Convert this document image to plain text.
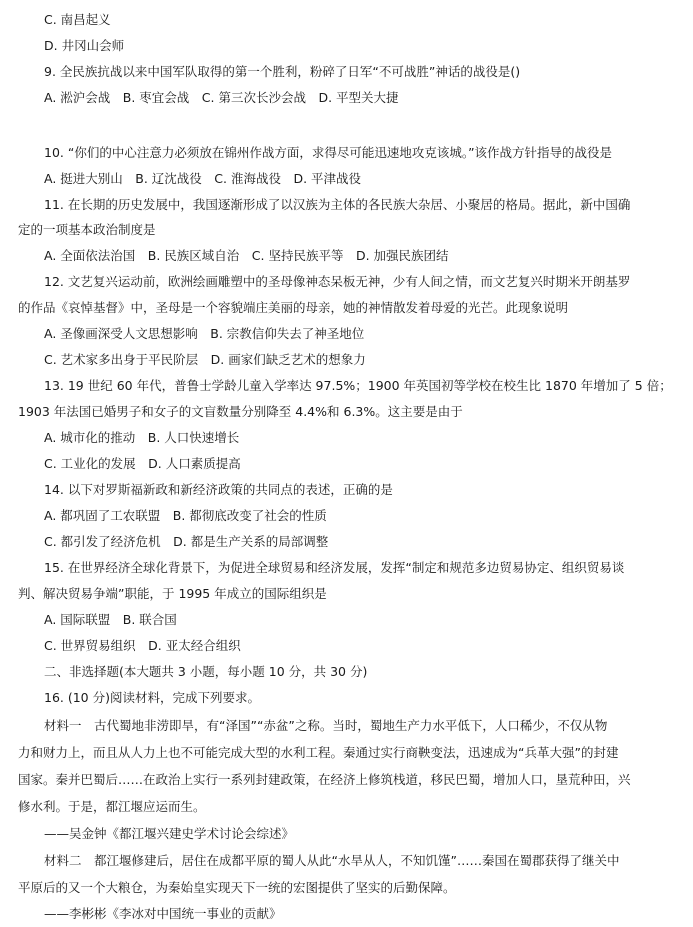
C. 南昌起义
D. 井冈山会师
9. 全民族抗战以来中国军队取得的第一个胜利，粉碎了日军“不可战胜”神话的战役是()
A. 淞沪会战　B. 枣宜会战　C. 第三次长沙会战　D. 平型关大捷
10. “你们的中心注意力必须放在锦州作战方面，求得尽可能迅速地攻克该城。”该作战方针指导的战役是
A. 挺进大别山　B. 辽沈战役　C. 淮海战役　D. 平津战役
11. 在长期的历史发展中，我国逐渐形成了以汉族为主体的各民族大杂居、小聚居的格局。据此，新中国确
定的一项基本政治制度是
A. 全面依法治国　B. 民族区域自治　C. 坚持民族平等　D. 加强民族团结
12. 文艺复兴运动前，欧洲绘画雕塑中的圣母像神态呆板无神，少有人间之情，而文艺复兴时期米开朗基罗
的作品《哀悼基督》中，圣母是一个容貌端庄美丽的母亲，她的神情散发着母爱的光芒。此现象说明
A. 圣像画深受人文思想影响　B. 宗教信仰失去了神圣地位
C. 艺术家多出身于平民阶层　D. 画家们缺乏艺术的想象力
13. 19 世纪 60 年代，普鲁士学龄儿童入学率达 97.5%；1900 年英国初等学校在校生比 1870 年增加了 5 倍；
1903 年法国已婚男子和女子的文盲数量分别降至 4.4%和 6.3%。这主要是由于
A. 城市化的推动　B. 人口快速增长
C. 工业化的发展　D. 人口素质提高
14. 以下对罗斯福新政和新经济政策的共同点的表述，正确的是
A. 都巩固了工农联盟　B. 都彻底改变了社会的性质
C. 都引发了经济危机　D. 都是生产关系的局部调整
15. 在世界经济全球化背景下，为促进全球贸易和经济发展，发挥“制定和规范多边贸易协定、组织贸易谈
判、解决贸易争端”职能，于 1995 年成立的国际组织是
A. 国际联盟　B. 联合国
C. 世界贸易组织　D. 亚太经合组织
二、非选择题(本大题共 3 小题，每小题 10 分，共 30 分)
16. (10 分)阅读材料，完成下列要求。
材料一　古代蜀地非涝即旱，有“泽国”“赤盆”之称。当时，蜀地生产力水平低下，人口稀少，不仅从物
力和财力上，而且从人力上也不可能完成大型的水利工程。秦通过实行商鞅变法，迅速成为“兵革大强”的封建
国家。秦并巴蜀后……在政治上实行一系列封建政策，在经济上修筑栈道，移民巴蜀，增加人口，垦荒种田，兴
修水利。于是，都江堰应运而生。
——吴金钟《都江堰兴建史学术讨论会综述》
材料二　都江堰修建后，居住在成都平原的蜀人从此“水旱从人，不知饥馑”……秦国在蜀郡获得了继关中
平原后的又一个大粮仓，为秦始皇实现天下一统的宏图提供了坚实的后勤保障。
——李彬彬《李冰对中国统一事业的贡献》
